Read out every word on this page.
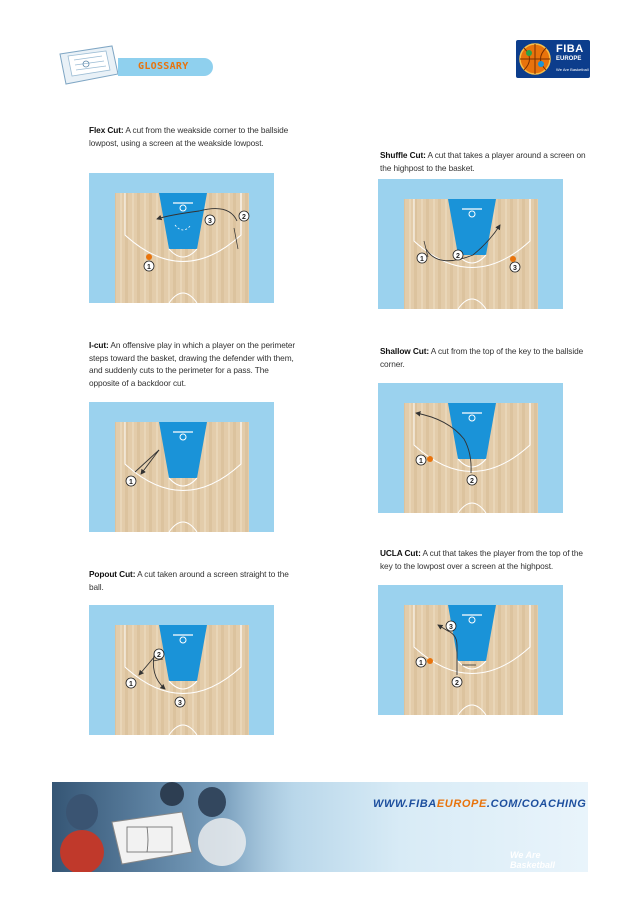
GLOSSARY
FIBA
EUROPE
We Are Basketball
Flex Cut: A cut from the weakside corner to the ballside lowpost, using a screen at the weakside lowpost.
Shuffle Cut: A cut that takes a player around a screen on the highpost to the basket.
I-cut: An offensive play in which a player on the perimeter steps toward the basket, drawing the defender with them, and suddenly cuts to the perimeter for a pass. The opposite of a backdoor cut.
Shallow Cut: A cut from the top of the key to the ballside corner.
Popout Cut: A cut taken around a screen straight to the ball.
UCLA Cut: A cut that takes the player from the top of the key to the lowpost over a screen at the highpost.
3
2
1
1	2
3
1
1
2
2
1
3
3
1
2
WWW.FIBAEUROPE.COM/COACHING
We Are Basketball
